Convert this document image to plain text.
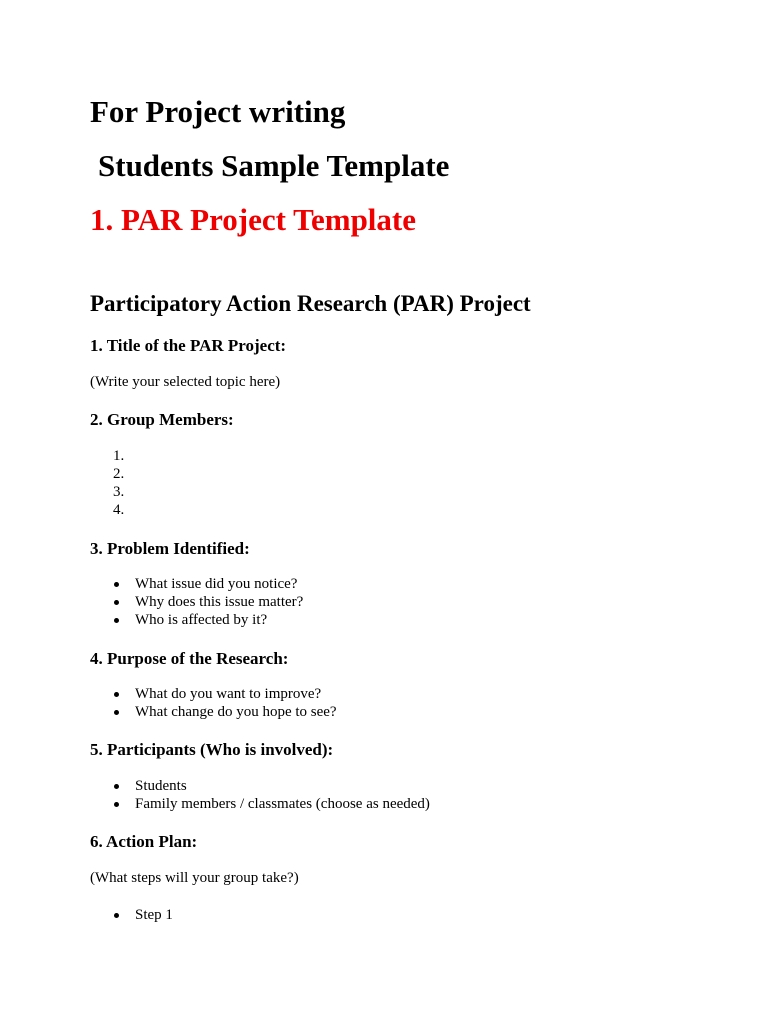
For Project writing
Students Sample Template
1. PAR Project Template
Participatory Action Research (PAR) Project
1. Title of the PAR Project:
(Write your selected topic here)
2. Group Members:
1.
2.
3.
4.
3. Problem Identified:
What issue did you notice?
Why does this issue matter?
Who is affected by it?
4. Purpose of the Research:
What do you want to improve?
What change do you hope to see?
5. Participants (Who is involved):
Students
Family members / classmates (choose as needed)
6. Action Plan:
(What steps will your group take?)
Step 1
